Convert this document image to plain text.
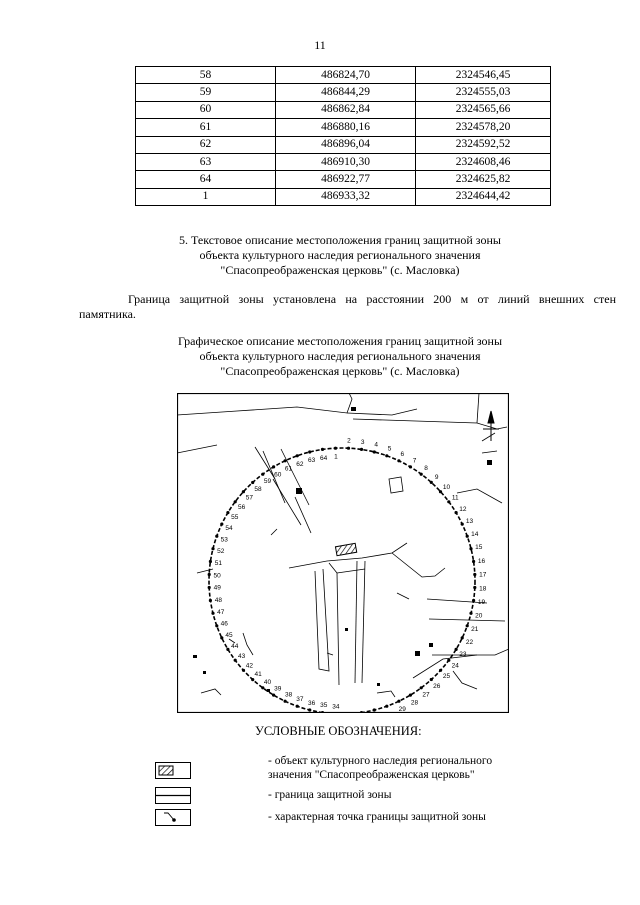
11
58	486824,70	2324546,45
59	486844,29	2324555,03
60	486862,84	2324565,66
61	486880,16	2324578,20
62	486896,04	2324592,52
63	486910,30	2324608,46
64	486922,77	2324625,82
1	486933,32	2324644,42
5. Текстовое описание местоположения границ защитной зоны
объекта культурного наследия регионального значения
"Спасопреображенская церковь" (с. Масловка)
Граница защитной зоны установлена на расстоянии 200 м от линий внешних стен
памятника.
Графическое описание местоположения границ защитной зоны
объекта культурного наследия регионального значения
"Спасопреображенская церковь" (с. Масловка)
1
2 3 4
5
6
7
8
9
10
11
12
13
14
15
16
17
18
19
20
21
22
23
24
25
26
27
28
29
34
35
36
37
38
39
40
41
42
43
44
45
46
47
48
49
50
51
52
53
54
55
56
57
58
59
60
61
62
63 64
УСЛОВНЫЕ ОБОЗНАЧЕНИЯ:
- объект культурного наследия регионального
значения "Спасопреображенская церковь"
- граница защитной зоны
- характерная точка границы защитной зоны
